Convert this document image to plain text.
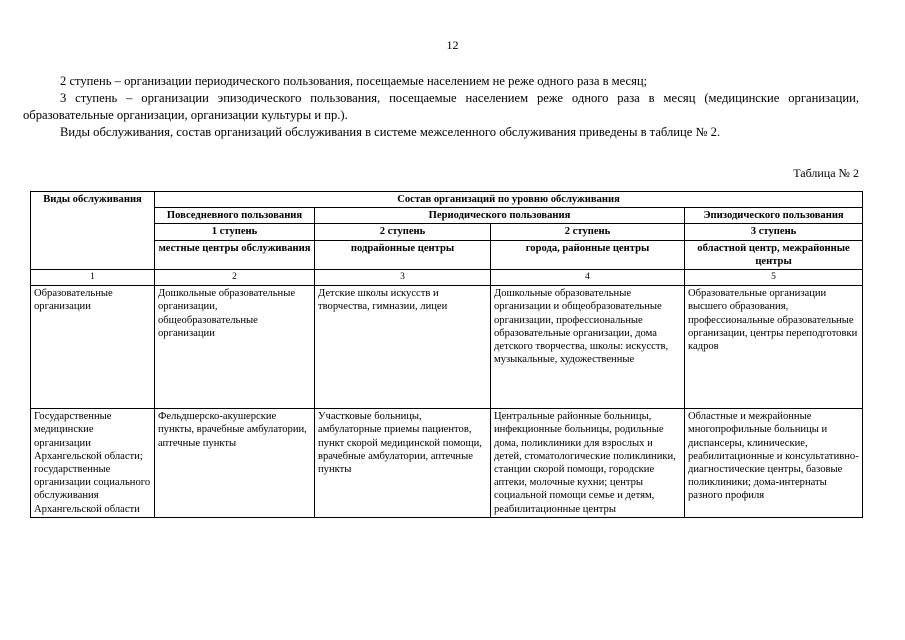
12

2 ступень – организации периодического пользования, посещаемые населением не реже одного раза в месяц;

3 ступень – организации эпизодического пользования, посещаемые населением реже одного раза в месяц (медицинские организации, образовательные организации, организации культуры и пр.).

Виды обслуживания, состав организаций обслуживания в системе межселенного обслуживания приведены в таблице № 2.

Таблица № 2
Виды обслуживания	Состав организаций по уровню обслуживания			
	Повседневного пользования	Периодического пользования		Эпизодического пользования
	1 ступень	2 ступень	2 ступень	3 ступень
	местные центры обслуживания	подрайонные центры	города, районные центры	областной центр, межрайонные центры
1	2	3	4	5
Образовательные организации	Дошкольные образовательные организации, общеобразовательные организации	Детские школы искусств и творчества, гимназии, лицеи	Дошкольные образовательные организации и общеобразовательные организации, профессиональные образовательные организации, дома детского творчества, школы: искусств, музыкальные, художественные	Образовательные организации высшего образования, профессиональные образовательные организации, центры переподготовки кадров
Государственные медицинские организации Архангельской области; государственные организации социального обслуживания Архангельской области	Фельдшерско-акушерские пункты, врачебные амбулатории, аптечные пункты	Участковые больницы, амбулаторные приемы пациентов, пункт скорой медицинской помощи, врачебные амбулатории, аптечные пункты	Центральные районные больницы, инфекционные больницы, родильные дома, поликлиники для взрослых и детей, стоматологические поликлиники, станции скорой помощи, городские аптеки, молочные кухни; центры социальной помощи семье и детям, реабилитационные центры	Областные и межрайонные многопрофильные больницы и диспансеры, клинические, реабилитационные и консультативно-диагностические центры, базовые поликлиники; дома-интернаты разного профиля
